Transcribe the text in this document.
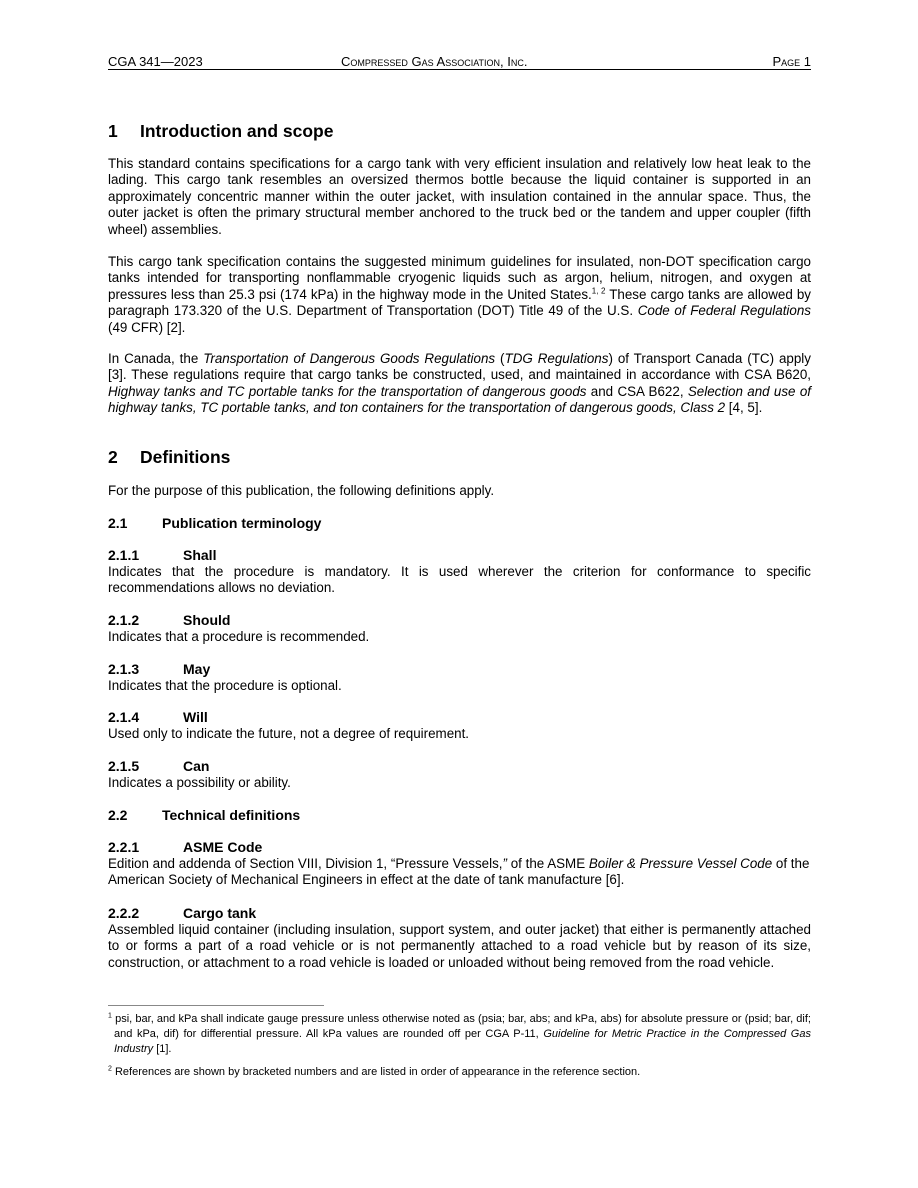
CGA 341—2023	Compressed Gas Association, Inc.	Page 1
1 Introduction and scope
This standard contains specifications for a cargo tank with very efficient insulation and relatively low heat leak to the lading. This cargo tank resembles an oversized thermos bottle because the liquid container is supported in an approximately concentric manner within the outer jacket, with insulation contained in the annular space. Thus, the outer jacket is often the primary structural member anchored to the truck bed or the tandem and upper coupler (fifth wheel) assemblies.
This cargo tank specification contains the suggested minimum guidelines for insulated, non-DOT specification cargo tanks intended for transporting nonflammable cryogenic liquids such as argon, helium, nitrogen, and oxygen at pressures less than 25.3 psi (174 kPa) in the highway mode in the United States.$^{1, 2}$ These cargo tanks are allowed by paragraph 173.320 of the U.S. Department of Transportation (DOT) Title 49 of the U.S. Code of Federal Regulations (49 CFR) [2].
In Canada, the Transportation of Dangerous Goods Regulations (TDG Regulations) of Transport Canada (TC) apply [3]. These regulations require that cargo tanks be constructed, used, and maintained in accordance with CSA B620, Highway tanks and TC portable tanks for the transportation of dangerous goods and CSA B622, Selection and use of highway tanks, TC portable tanks, and ton containers for the transportation of dangerous goods, Class 2 [4, 5].
2 Definitions
For the purpose of this publication, the following definitions apply.
2.1 Publication terminology
2.1.1	Shall
Indicates that the procedure is mandatory. It is used wherever the criterion for conformance to specific recommendations allows no deviation.
2.1.2	Should
Indicates that a procedure is recommended.
2.1.3	May
Indicates that the procedure is optional.
2.1.4	Will
Used only to indicate the future, not a degree of requirement.
2.1.5	Can
Indicates a possibility or ability.
2.2 Technical definitions
2.2.1	ASME Code
Edition and addenda of Section VIII, Division 1, “Pressure Vessels,” of the ASME Boiler & Pressure Vessel Code of the American Society of Mechanical Engineers in effect at the date of tank manufacture [6].
2.2.2	Cargo tank
Assembled liquid container (including insulation, support system, and outer jacket) that either is permanently attached to or forms a part of a road vehicle or is not permanently attached to a road vehicle but by reason of its size, construction, or attachment to a road vehicle is loaded or unloaded without being removed from the road vehicle.
$^1$ psi, bar, and kPa shall indicate gauge pressure unless otherwise noted as (psia; bar, abs; and kPa, abs) for absolute pressure or (psid; bar, dif; and kPa, dif) for differential pressure. All kPa values are rounded off per CGA P-11, Guideline for Metric Practice in the Compressed Gas Industry [1].
$^2$ References are shown by bracketed numbers and are listed in order of appearance in the reference section.
